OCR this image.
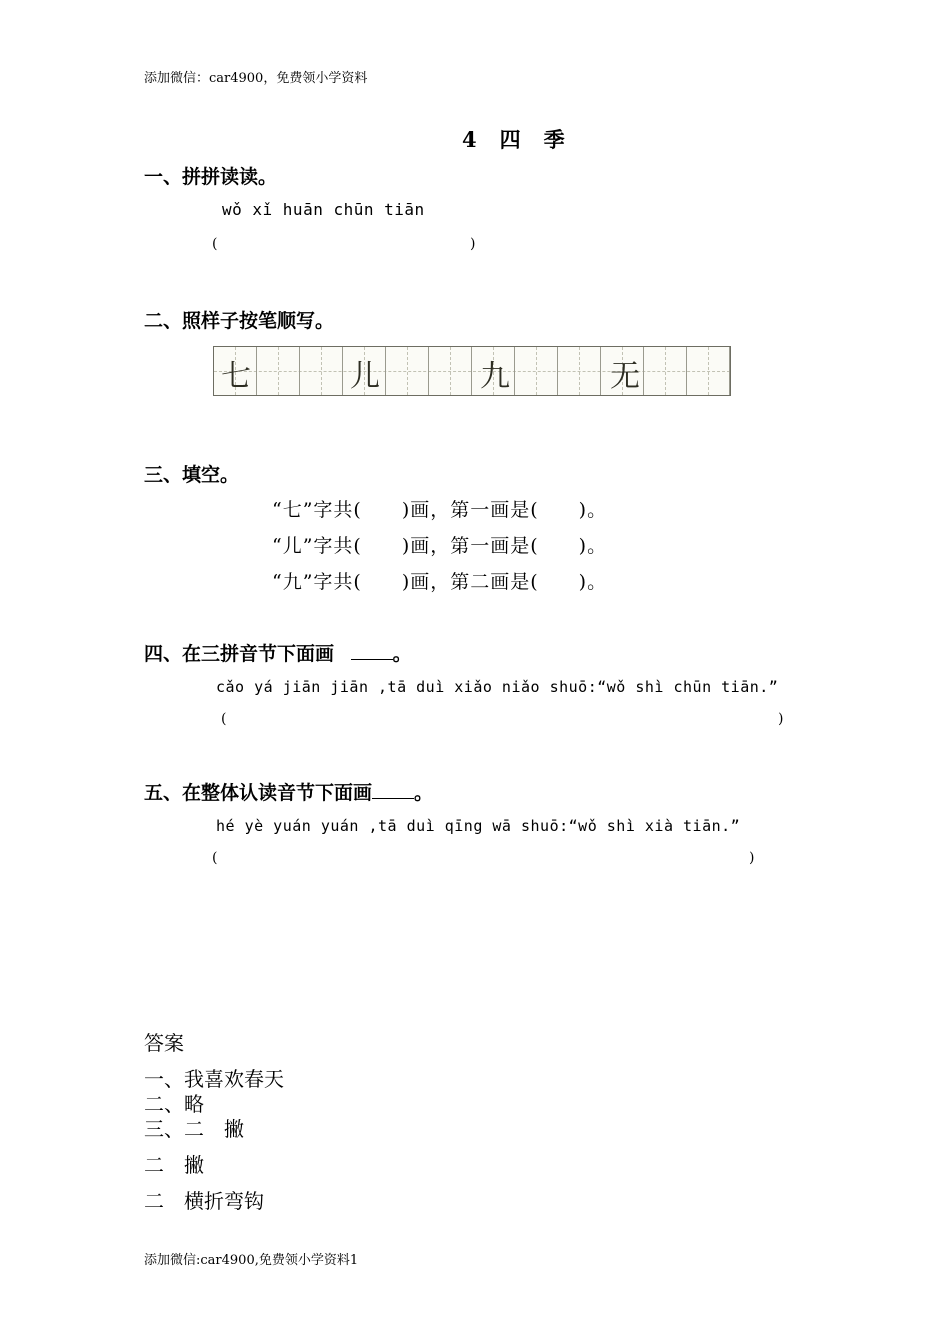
添加微信：car4900，免费领小学资料
4　四　季
一、拼拼读读。
wǒ xǐ huān chūn tiān
(	)
二、照样子按笔顺写。
七	儿	九	无
三、填空。
“七”字共(　　)画，第一画是(　　)。
“儿”字共(　　)画，第一画是(　　)。
“九”字共(　　)画，第二画是(　　)。
四、在三拼音节下面画	。
cǎo yá jiān jiān ,tā duì xiǎo niǎo shuō:“wǒ shì chūn tiān.”
(	)
五、在整体认读音节下面画 。
hé yè yuán yuán ,tā duì qīng wā shuō:“wǒ shì xià tiān.”
(	)
答案
一、我喜欢春天
二、略
三、二　撇
二　撇
二　横折弯钩
添加微信:car4900,免费领小学资料1
